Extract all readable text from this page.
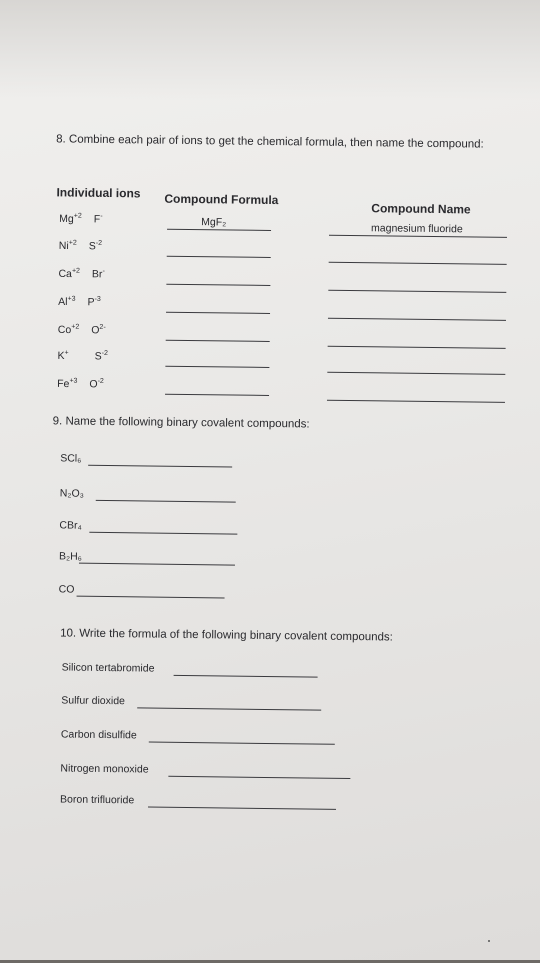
8. Combine each pair of ions to get the chemical formula, then name the compound:
Individual ions Compound Formula
Compound Name
$Mg^{+2}$ F-	MgF₂	magnesium fluoride
$Ni^{+2}$ $S^{-2}$
$Ca^{+2}$ Br-
$Al^{+3}$ $P^{-3}$
$Co^{+2}$ $O^{2-}$
K+ $S^{-2}$
$Fe^{+3}$ $O^{-2}$
9. Name the following binary covalent compounds:
SCl₆
N₂O₃
CBr₄
B₂H₆
CO
10. Write the formula of the following binary covalent compounds:
Silicon tertabromide
Sulfur dioxide
Carbon disulfide
Nitrogen monoxide
Boron trifluoride
